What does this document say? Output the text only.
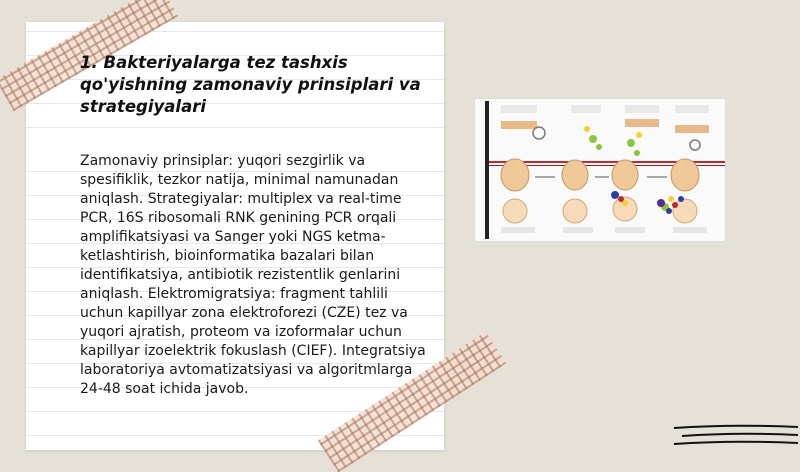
1. Bakteriyalarga tez tashxis qo'yishning zamonaviy prinsiplari va strategiyalari
Zamonaviy prinsiplar: yuqori sezgirlik va spesifiklik, tezkor natija, minimal namunadan aniqlash. Strategiyalar: multiplex va real-time PCR, 16S ribosomali RNK genining PCR orqali amplifikatsiyasi va Sanger yoki NGS ketma-ketlashtirish, bioinformatika bazalari bilan identifikatsiya, antibiotik rezistentlik genlarini aniqlash. Elektromigratsiya: fragment tahlili uchun kapillyar zona elektroforezi (CZE) tez va yuqori ajratish, proteom va izoformalar uchun kapillyar izoelektrik fokuslash (CIEF). Integratsiya laboratoriya avtomatizatsiyasi va algoritmlarga 24-48 soat ichida javob.
